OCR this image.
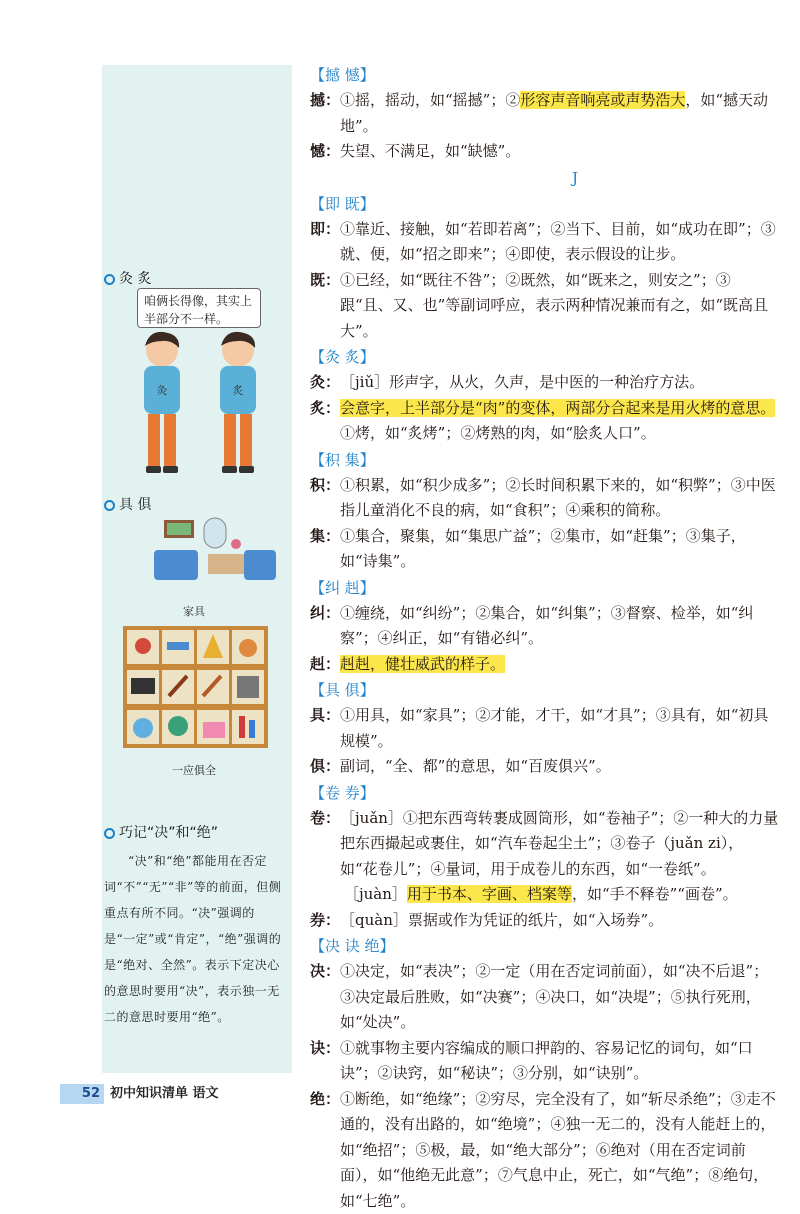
灸 炙
咱俩长得像，其实上半部分不一样。
灸	炙
具 俱
家具
一应俱全
巧记“决”和“绝”
“决”和“绝”都能用在否定词“不”“无”“非”等的前面，但侧重点有所不同。“决”强调的是“一定”或“肯定”，“绝”强调的是“绝对、全然”。表示下定决心的意思时要用“决”，表示独一无二的意思时要用“绝”。
【撼 憾】
撼： ①摇，摇动，如“摇撼”；②形容声音响亮或声势浩大，如“撼天动地”。
憾： 失望、不满足，如“缺憾”。
J
【即 既】
即： ①靠近、接触，如“若即若离”；②当下、目前，如“成功在即”；③就、便，如“招之即来”；④即使，表示假设的让步。
既： ①已经，如“既往不咎”；②既然，如“既来之，则安之”；③跟“且、又、也”等副词呼应，表示两种情况兼而有之，如“既高且大”。
【灸 炙】
灸： ［jiǔ］形声字，从火，久声，是中医的一种治疗方法。
炙： 会意字，上半部分是“肉”的变体，两部分合起来是用火烤的意思。①烤，如“炙烤”；②烤熟的肉，如“脍炙人口”。
【积 集】
积： ①积累，如“积少成多”；②长时间积累下来的，如“积弊”；③中医指儿童消化不良的病，如“食积”；④乘积的简称。
集： ①集合，聚集，如“集思广益”；②集市，如“赶集”；③集子，如“诗集”。
【纠 赳】
纠： ①缠绕，如“纠纷”；②集合，如“纠集”；③督察、检举，如“纠察”；④纠正，如“有错必纠”。
赳： 赳赳，健壮威武的样子。
【具 俱】
具： ①用具，如“家具”；②才能，才干，如“才具”；③具有，如“初具规模”。
俱： 副词，“全、都”的意思，如“百废俱兴”。
【卷 券】
卷： ［juǎn］①把东西弯转裹成圆筒形，如“卷袖子”；②一种大的力量把东西撮起或裹住，如“汽车卷起尘土”；③卷子（juǎn zi），如“花卷儿”；④量词，用于成卷儿的东西，如“一卷纸”。
［juàn］用于书本、字画、档案等，如“手不释卷”“画卷”。
券： ［quàn］票据或作为凭证的纸片，如“入场券”。
【决 诀 绝】
决： ①决定，如“表决”；②一定（用在否定词前面），如“决不后退”；③决定最后胜败，如“决赛”；④决口，如“决堤”；⑤执行死刑，如“处决”。
诀： ①就事物主要内容编成的顺口押韵的、容易记忆的词句，如“口诀”；②诀窍，如“秘诀”；③分别，如“诀别”。
绝： ①断绝，如“绝缘”；②穷尽，完全没有了，如“斩尽杀绝”；③走不通的，没有出路的，如“绝境”；④独一无二的，没有人能赶上的，如“绝招”；⑤极，最，如“绝大部分”；⑥绝对（用在否定词前面），如“他绝无此意”；⑦气息中止，死亡，如“气绝”；⑧绝句，如“七绝”。
52 初中知识清单 语文
